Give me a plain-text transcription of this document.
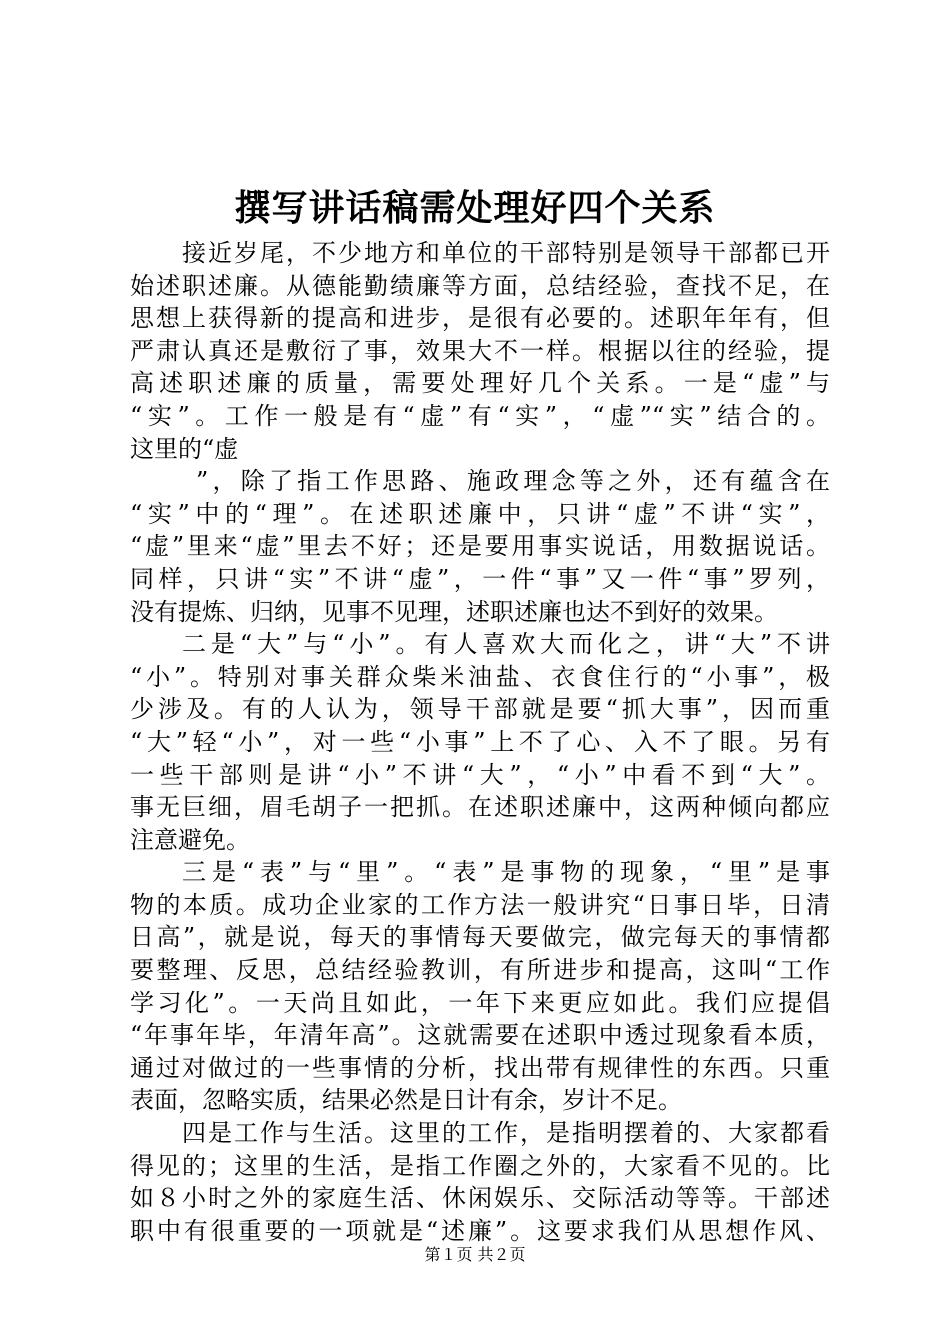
撰写讲话稿需处理好四个关系
接近岁尾，不少地方和单位的干部特别是领导干部都已开
始述职述廉。从德能勤绩廉等方面，总结经验，查找不足，在
思想上获得新的提高和进步，是很有必要的。述职年年有，但
严肃认真还是敷衍了事，效果大不一样。根据以往的经验，提
高述职述廉的质量，需要处理好几个关系。一是“虚”与
“实”。工作一般是有“虚”有“实”，“虚”“实”结合的。
这里的“虚
”，除了指工作思路、施政理念等之外，还有蕴含在
“实”中的“理”。在述职述廉中，只讲“虚”不讲“实”，
“虚”里来“虚”里去不好；还是要用事实说话，用数据说话。
同样，只讲“实”不讲“虚”，一件“事”又一件“事”罗列，
没有提炼、归纳，见事不见理，述职述廉也达不到好的效果。
二是“大”与“小”。有人喜欢大而化之，讲“大”不讲
“小”。特别对事关群众柴米油盐、衣食住行的“小事”，极
少涉及。有的人认为，领导干部就是要“抓大事”，因而重
“大”轻“小”，对一些“小事”上不了心、入不了眼。另有
一些干部则是讲“小”不讲“大”，“小”中看不到“大”。
事无巨细，眉毛胡子一把抓。在述职述廉中，这两种倾向都应
注意避免。
三是“表”与“里”。“表”是事物的现象，“里”是事
物的本质。成功企业家的工作方法一般讲究“日事日毕，日清
日高”，就是说，每天的事情每天要做完，做完每天的事情都
要整理、反思，总结经验教训，有所进步和提高，这叫“工作
学习化”。一天尚且如此，一年下来更应如此。我们应提倡
“年事年毕，年清年高”。这就需要在述职中透过现象看本质，
通过对做过的一些事情的分析，找出带有规律性的东西。只重
表面，忽略实质，结果必然是日计有余，岁计不足。
四是工作与生活。这里的工作，是指明摆着的、大家都看
得见的；这里的生活，是指工作圈之外的，大家看不见的。比
如８小时之外的家庭生活、休闲娱乐、交际活动等等。干部述
职中有很重要的一项就是“述廉”。这要求我们从思想作风、
第１页 共２页
